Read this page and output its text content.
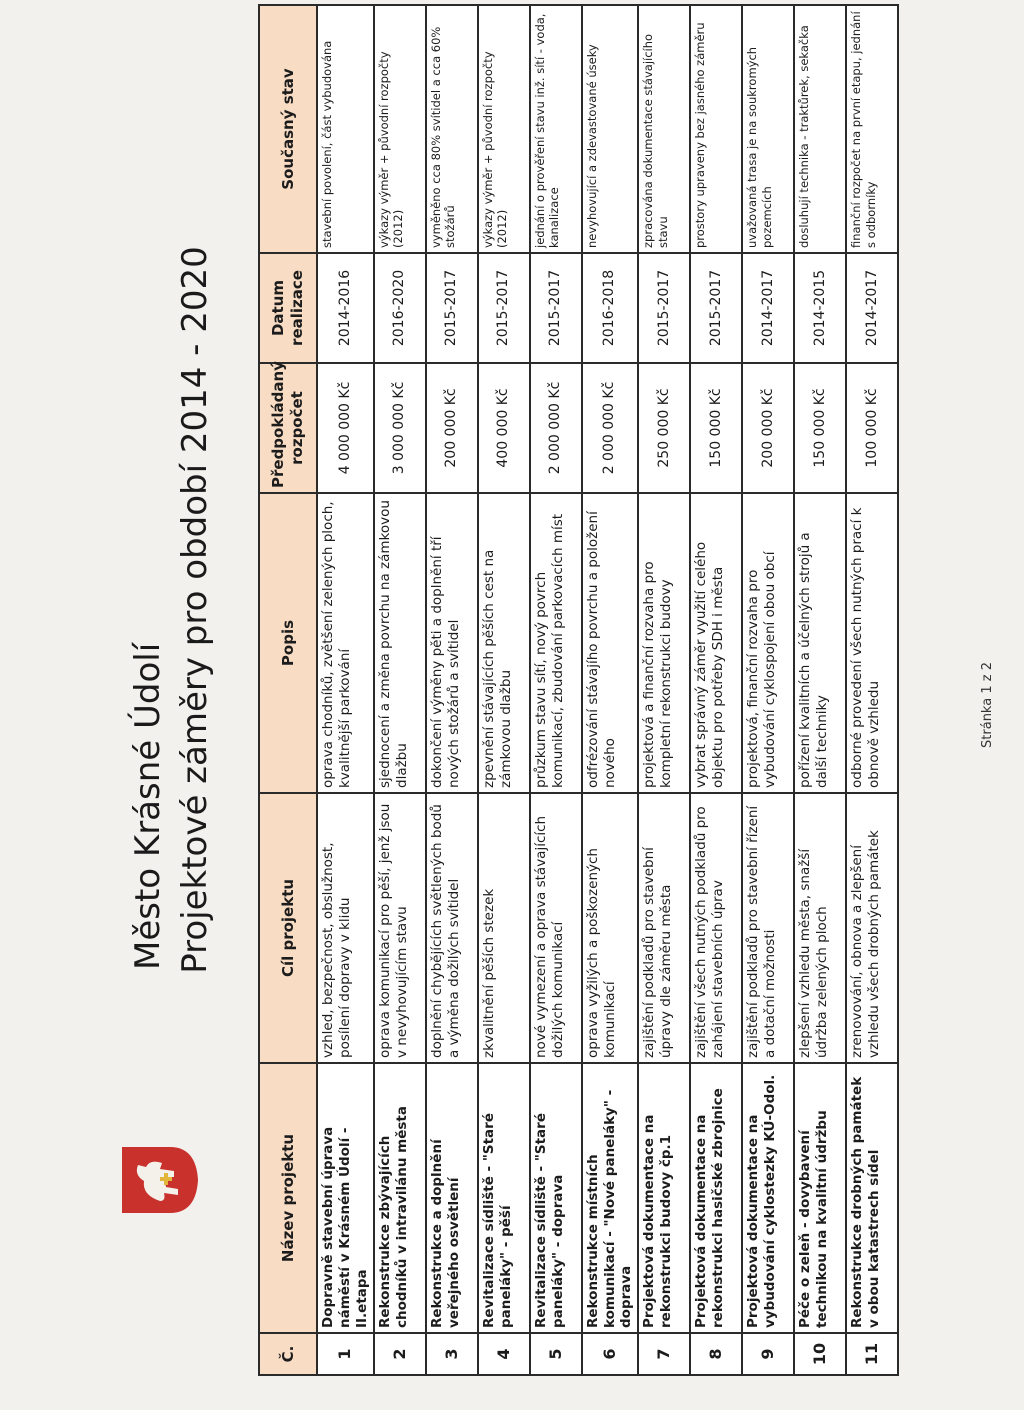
Město Krásné Údolí Projektové záměry pro období 2014 - 2020
Č.	Název projektu	Cíl projektu	Popis	Předpokládaný rozpočet	Datum realizace	Současný stav
1	Dopravně stavební úprava náměstí v Krásném Údolí - II.etapa	vzhled, bezpečnost, obslužnost, posílení dopravy v klidu	oprava chodníků, zvětšení zelených ploch, kvalitnější parkování	4 000 000 Kč	2014-2016	stavební povolení, část vybudována
2	Rekonstrukce zbývajících chodníků v intravilánu města	oprava komunikací pro pěší, jenž jsou v nevyhovujícím stavu	sjednocení a změna povrchu na zámkovou dlažbu	3 000 000 Kč	2016-2020	výkazy výměr + původní rozpočty (2012)
3	Rekonstrukce a doplnění veřejného osvětlení	doplnění chybějících světlených bodů a výměna dožilých svítidel	dokončení výměny pěti a doplnění tří nových stožárů a svítidel	200 000 Kč	2015-2017	vyměněno cca 80% svítidel a cca 60% stožárů
4	Revitalizace sídliště - "Staré paneláky" - pěší	zkvalitnění pěších stezek	zpevnění stávajících pěších cest na zámkovou dlažbu	400 000 Kč	2015-2017	výkazy výměr + původní rozpočty (2012)
5	Revitalizace sídliště - "Staré paneláky" - doprava	nové vymezení a oprava stávajících dožilých komunikací	průzkum stavu sítí, nový povrch komunikací, zbudování parkovacích míst	2 000 000 Kč	2015-2017	jednání o prověření stavu inž. sítí - voda, kanalizace
6	Rekonstrukce místních komunikací - "Nové paneláky" - doprava	oprava vyžilých a poškozených komunikací	odfrézování stávajího povrchu a položení nového	2 000 000 Kč	2016-2018	nevyhovující a zdevastované úseky
7	Projektová dokumentace na rekonstrukci budovy čp.1	zajištění podkladů pro stavební úpravy dle záměru města	projektová a finanční rozvaha pro kompletní rekonstrukci budovy	250 000 Kč	2015-2017	zpracována dokumentace stávajícího stavu
8	Projektová dokumentace na rekonstrukci hasičské zbrojnice	zajištění všech nutných podkladů pro zahájení stavebních úprav	vybrat správný záměr využití celého objektu pro potřeby SDH i města	150 000 Kč	2015-2017	prostory upraveny bez jasného záměru
9	Projektová dokumentace na vybudování cyklostezky KÚ-Odol.	zajištění podkladů pro stavební řízení a dotační možnosti	projektová, finanční rozvaha pro vybudování cyklospojení obou obcí	200 000 Kč	2014-2017	uvažovaná trasa je na soukromých pozemcích
10	Péče o zeleň - dovybavení technikou na kvalitní údržbu	zlepšení vzhledu města, snažší údržba zelených ploch	pořízení kvalitních a účelných strojů a další techniky	150 000 Kč	2014-2015	dosluhují technika - traktůrek, sekačka
11	Rekonstrukce drobných památek v obou katastrech sídel	zrenovování, obnova a zlepšení vzhledu všech drobných památek	odborné provedení všech nutných prací k obnově vzhledu	100 000 Kč	2014-2017	finanční rozpočet na první etapu, jednání s odborníky
Stránka 1 z 2
